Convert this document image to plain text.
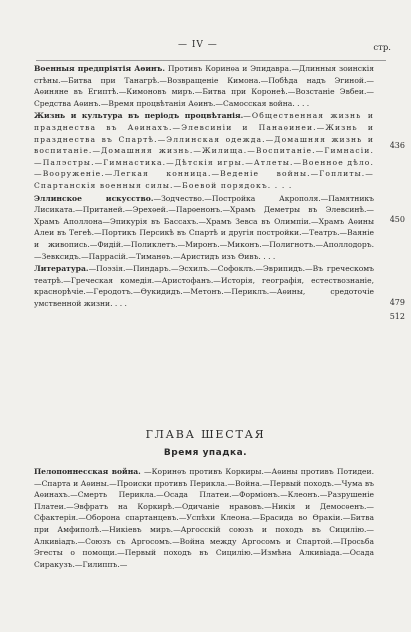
— IV —	стр.
Военныя предпріятія Аѳинъ. Противъ Коринѳа и Эпидавра.—Длинныя зоинскія стѣны.—Битва при Танагрѣ.—Возвращеніе Кимона.—Побѣда надъ Эгиной.—Аѳиняне въ Египтѣ.—Кимоновъ миръ.—Битва при Коронеѣ.—Возстаніе Эвбеи.—Средства Аѳинъ.—Время процвѣтанія Аѳинъ.—Самосская война. . . .
436
Жизнь и культура въ періодъ процвѣтанія.—Общественная жизнь и празднества въ Аѳинахъ.—Элевсиніи и Панаѳинеи.—Жизнь и празднества въ Спартѣ.—Эллинская одежда.—Домашняя жизнь и воспитаніе.—Домашняя жизнь.—Жилища.—Воспитаніе.—Гимнасіи.—Палэстры.—Гимнастика.—Дѣтскія игры.—Атлеты.—Военное дѣло.—Вооруженіе.—Легкая конница.—Веденіе войны.—Гоплиты.—Спартанскія военныя силы.—Боевой порядокъ. . . .
450
Эллинское искусство.—Зодчество.—Постройка Акрополя.—Памятникъ Лисиката.—Пританей.—Эрехѳей.—Парѳенонъ.—Храмъ Деметры въ Элевсинѣ.—Храмъ Аполлона—Эпикурія въ Бассахъ.—Храмъ Зевса въ Олимпіи.—Храмъ Аѳины Алеи въ Тегеѣ.—Портикъ Персикѣ въ Спартѣ и другія постройки.—Театръ.—Ваяніе и живопись.—Фидій.—Поликлетъ.—Миронъ.—Миконъ.—Полигнотъ.—Аполлодоръ.—Зевксидъ.—Паррасій.—Тиманѳъ.—Аристидъ изъ Ѳивъ. . . .
479
Литература.—Поэзія.—Пиндаръ.—Эсхилъ.—Софоклъ.—Эврипидъ.—Въ греческомъ театрѣ.—Греческая комедія.—Аристофанъ.—Исторія, географія, естествознаніе, краснорѣчіе.—Геродотъ.—Ѳукидидъ.—Метонъ.—Периклъ.—Аѳины, средоточіе умственной жизни. . . .
512
ГЛАВА ШЕСТАЯ
Время упадка.
Пелопоннесская война. —Коринѳъ противъ Коркиры.—Аѳины противъ Потидеи.—Спарта и Аѳины.—Происки противъ Перикла.—Война.—Первый походъ.—Чума въ Аѳинахъ.—Смерть Перикла.—Осада Платеи.—Формiонъ.—Клеонъ.—Разрушеніе Платеи.—Эвфратъ на Коркирѣ.—Одичаніе нравовъ.—Никія и Демосѳенъ.—Сфактерія.—Оборона спартанцевъ.—Успѣхи Клеона.—Брасида во Ѳракіи.—Битва при Амфиполѣ.—Никіевъ миръ.—Аргосскій союзъ и походъ въ Сицилію.—Алкивіадъ.—Союзъ съ Аргосомъ.—Война между Аргосомъ и Спартой.—Просьба Эгесты о помощи.—Первый походъ въ Сицилію.—Измѣна Алкивіада.—Осада Сиракузъ.—Гилиппъ.—
